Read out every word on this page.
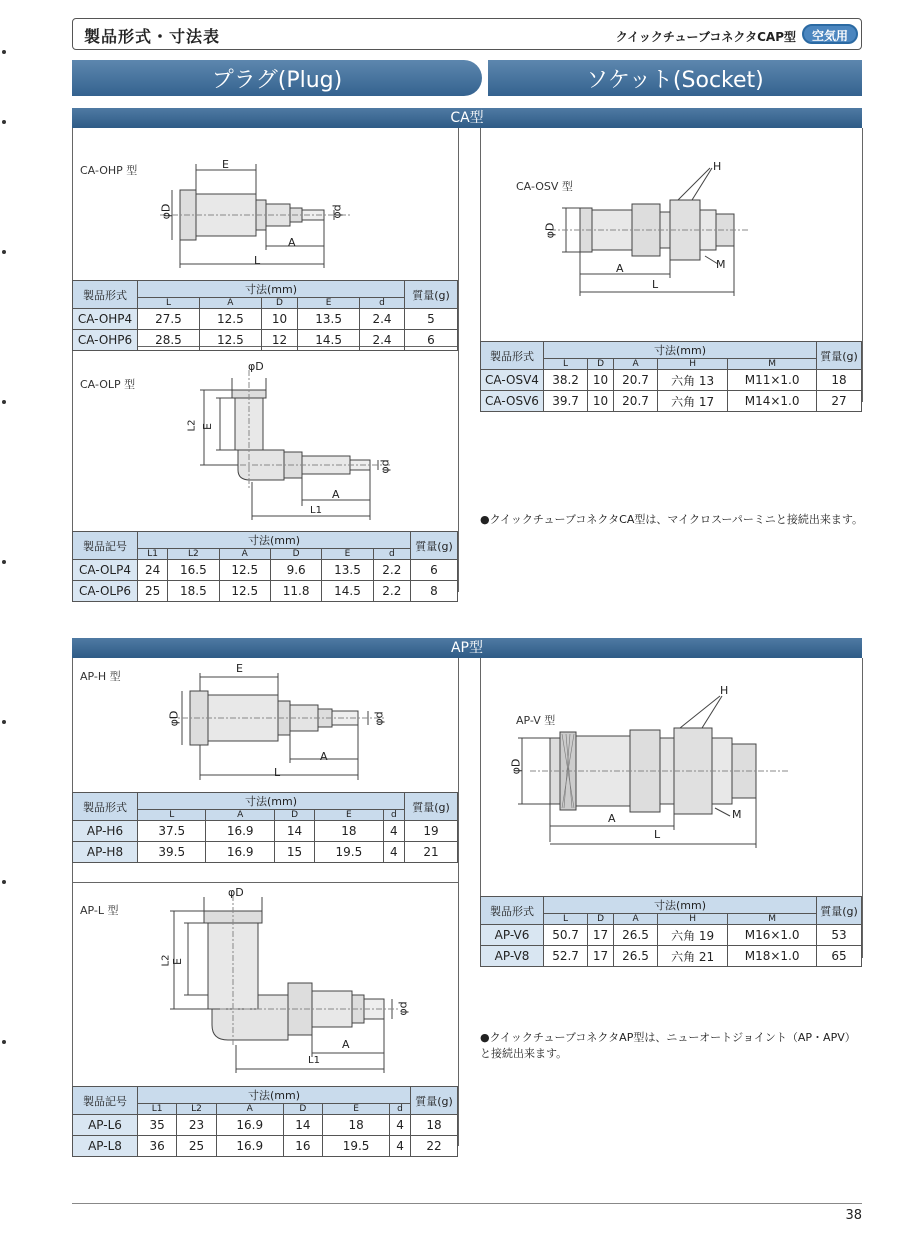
製品形式・寸法表	クイックチューブコネクタCAP型	空気用
プラグ(Plug)	ソケット(Socket)
CA型
CA-OHP 型	E
φD	φd
A
L
製品形式	寸法(mm)					質量(g)
	L	A	D	E	d	
CA-OHP4	27.5	12.5	10	13.5	2.4	5
CA-OHP6	28.5	12.5	12	14.5	2.4	6
CA-OLP 型
φD
L2 E
φd
A
L1
製品記号	寸法(mm)						質量(g)
	L1	L2	A	D	E	d	
CA-OLP4	24	16.5	12.5	9.6	13.5	2.2	6
CA-OLP6	25	18.5	12.5	11.8	14.5	2.2	8
CA-OSV 型
H
φD
M
A
L
製品形式	寸法(mm)					質量(g)
	L	D	A	H	M	
CA-OSV4	38.2	10	20.7	六角 13	M11×1.0	18
CA-OSV6	39.7	10	20.7	六角 17	M14×1.0	27
●クイックチューブコネクタCA型は、マイクロスーパーミニと接続出来ます。
AP型
AP-H 型
E
φD	φd
A
L
製品形式	寸法(mm)					質量(g)
	L	A	D	E	d	
AP-H6	37.5	16.9	14	18	4	19
AP-H8	39.5	16.9	15	19.5	4	21
AP-L 型
φD
L2 E
φd
A
L1
製品記号	寸法(mm)						質量(g)
	L1	L2	A	D	E	d	
AP-L6	35	23	16.9	14	18	4	18
AP-L8	36	25	16.9	16	19.5	4	22
AP-V 型
H
φD
M
A
L
製品形式	寸法(mm)					質量(g)
	L	D	A	H	M	
AP-V6	50.7	17	26.5	六角 19	M16×1.0	53
AP-V8	52.7	17	26.5	六角 21	M18×1.0	65
●クイックチューブコネクタAP型は、ニューオートジョイント（AP・APV）と接続出来ます。
38
